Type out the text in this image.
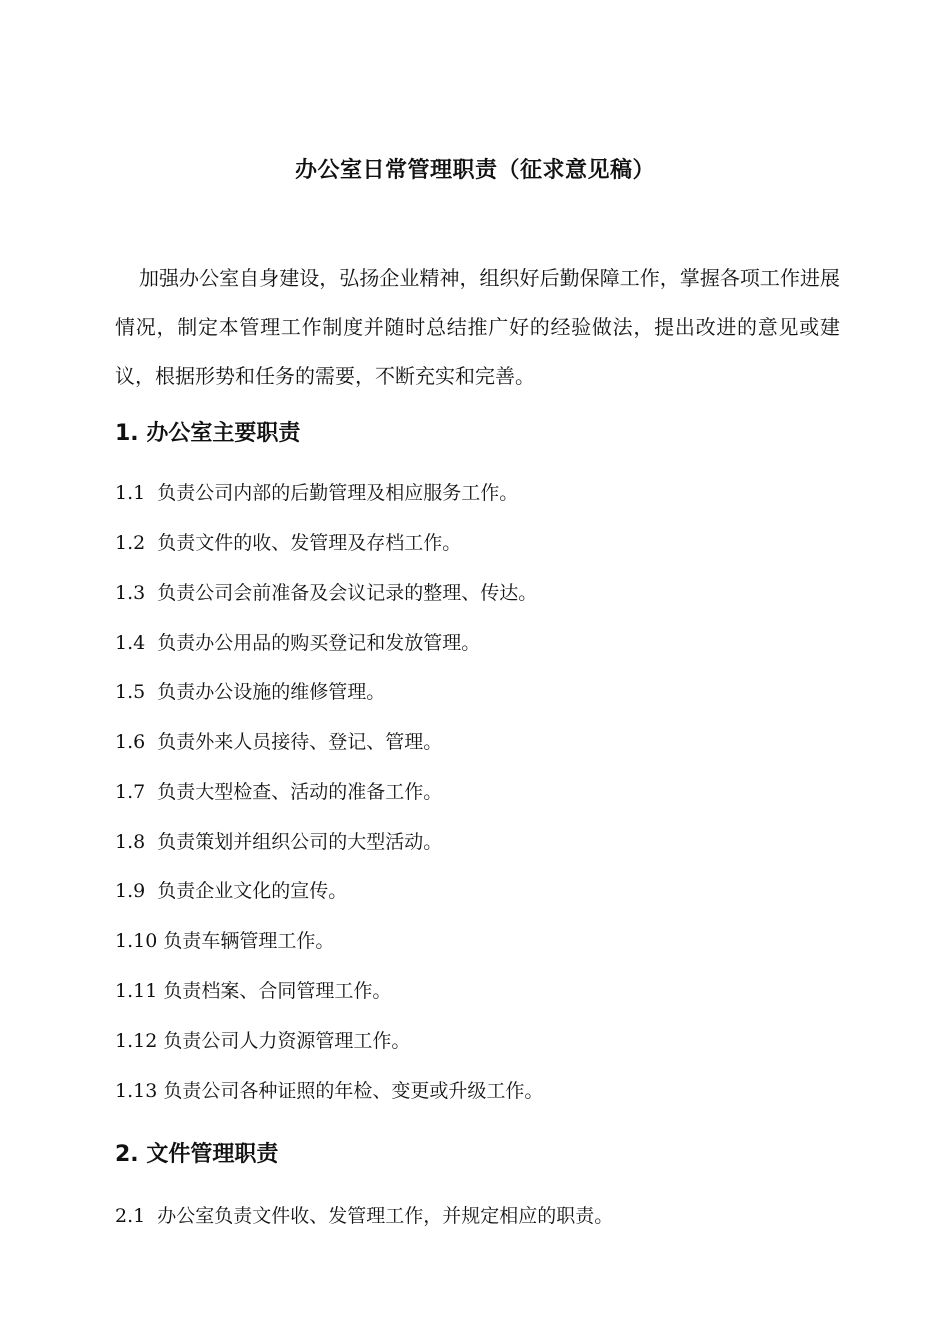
办公室日常管理职责（征求意见稿）
加强办公室自身建设，弘扬企业精神，组织好后勤保障工作，掌握各项工作进展情况，制定本管理工作制度并随时总结推广好的经验做法，提出改进的意见或建议，根据形势和任务的需要，不断充实和完善。
1. 办公室主要职责
1.1  负责公司内部的后勤管理及相应服务工作。
1.2  负责文件的收、发管理及存档工作。
1.3  负责公司会前准备及会议记录的整理、传达。
1.4  负责办公用品的购买登记和发放管理。
1.5  负责办公设施的维修管理。
1.6  负责外来人员接待、登记、管理。
1.7  负责大型检查、活动的准备工作。
1.8  负责策划并组织公司的大型活动。
1.9  负责企业文化的宣传。
1.10 负责车辆管理工作。
1.11 负责档案、合同管理工作。
1.12 负责公司人力资源管理工作。
1.13 负责公司各种证照的年检、变更或升级工作。
2. 文件管理职责
2.1  办公室负责文件收、发管理工作，并规定相应的职责。
